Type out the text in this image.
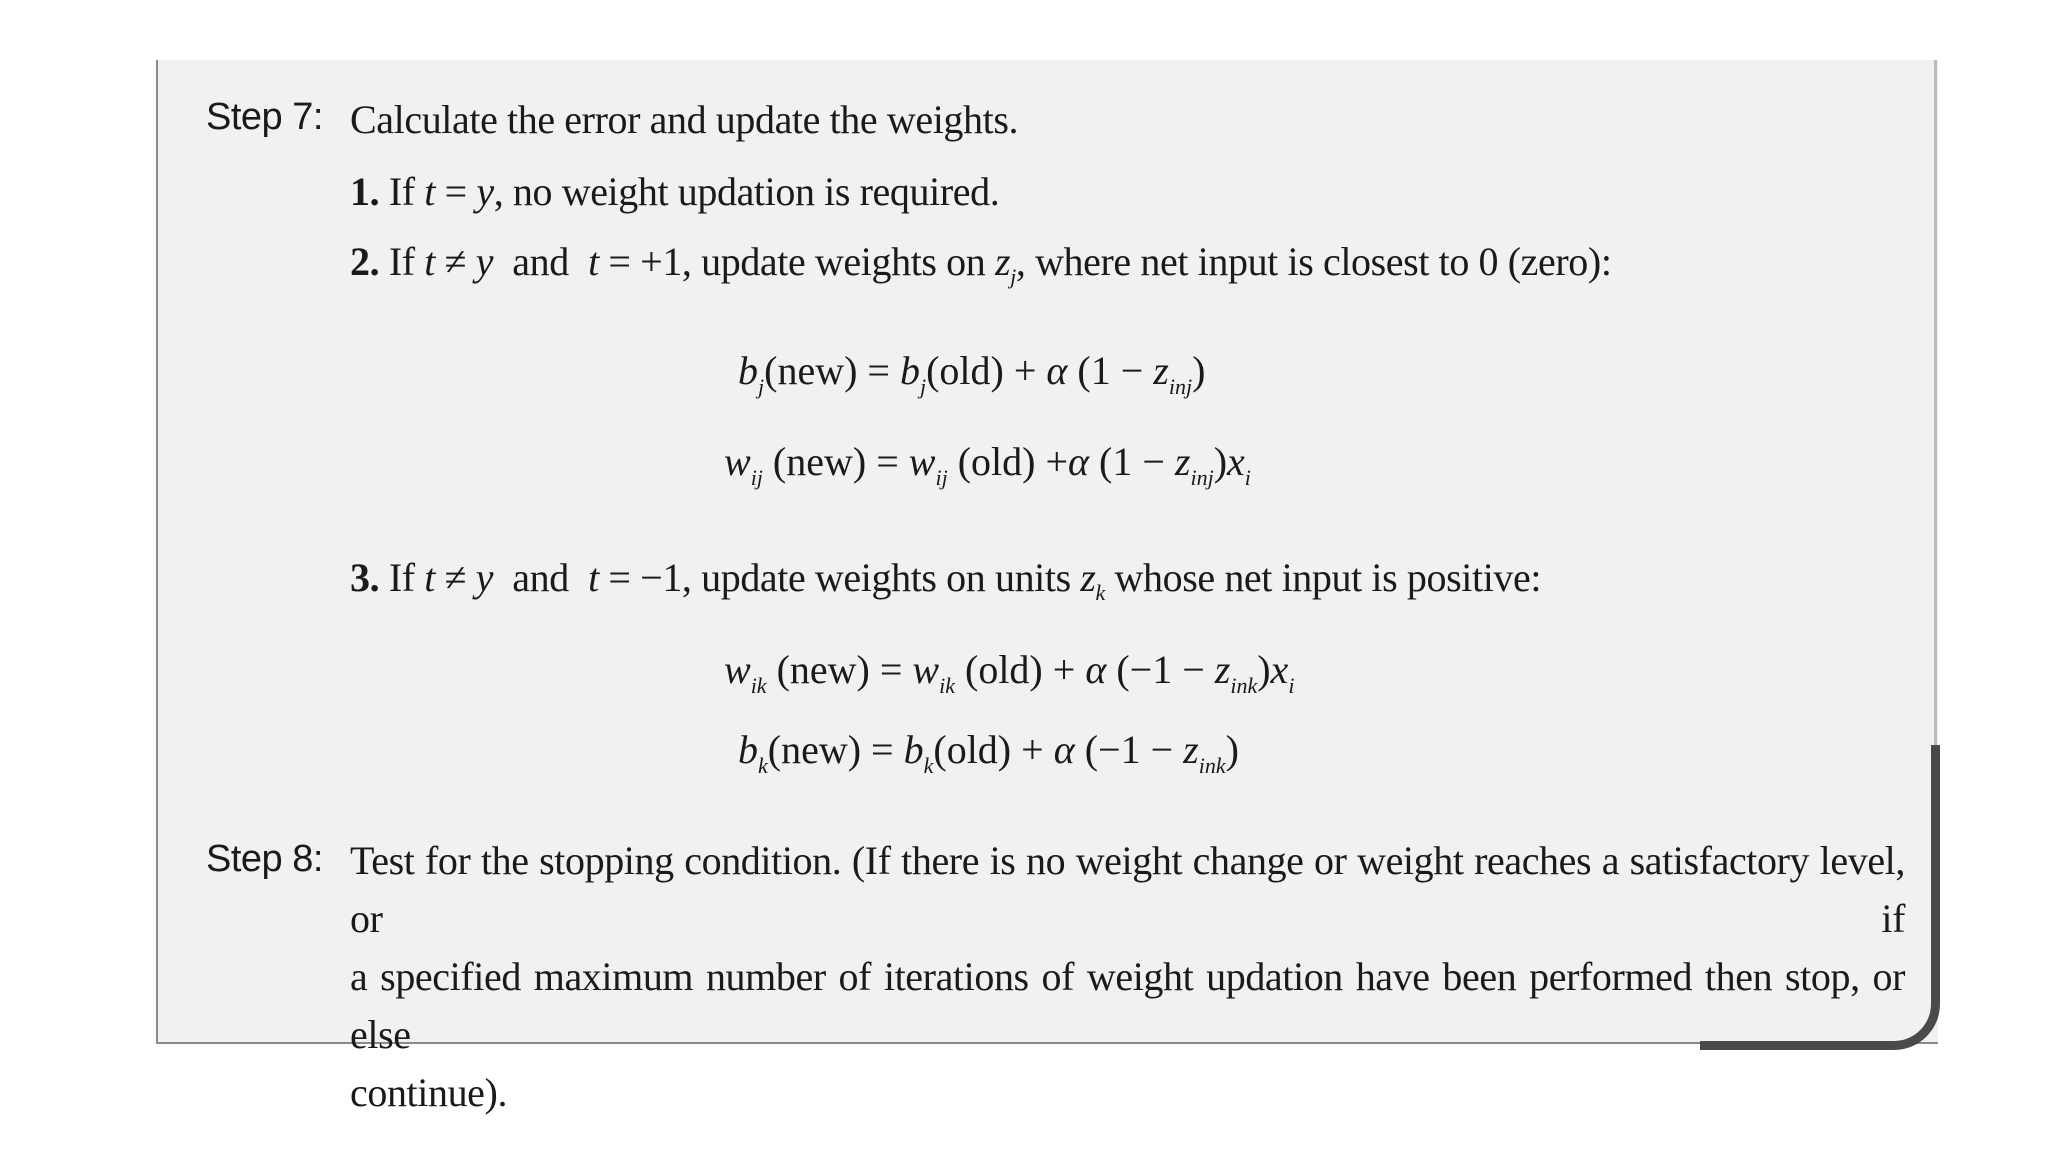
Step 7: Calculate the error and update the weights.
1. If t = y, no weight updation is required.
2. If t ≠ y  and  t = +1, update weights on $z_j$, where net input is closest to 0 (zero):
$b_j(new) = b_j(old) + \alpha$ $(1 - z_{inj})$
$w_{ij}$ $(new) = w_{ij}$ (old) +α $(1 - z_{inj})x_i$
3. If t ≠ y  and  t = −1, update weights on units $z_k$ whose net input is positive:
$w_{ik}$ $(new) = w_{ik}$ (old) + α $(-1 - z_{ink})x_i$
$b_k(new) = b_k(old) + \alpha$ $(-1 - z_{ink})$
Step 8: Test for the stopping condition. (If there is no weight change or weight reaches a satisfactory level, or if
a specified maximum number of iterations of weight updation have been performed then stop, or else
continue).
